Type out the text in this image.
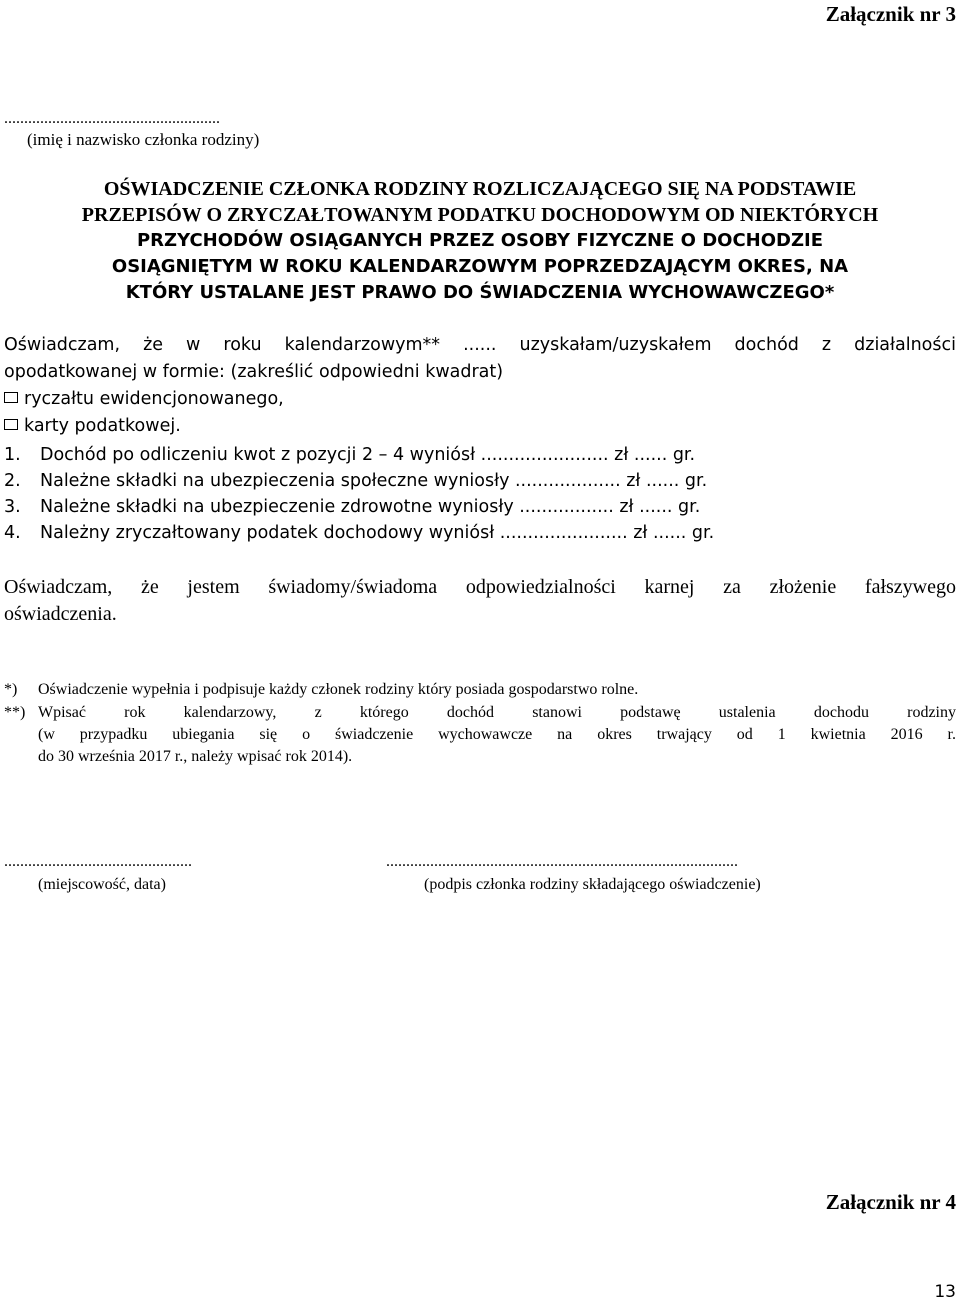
Załącznik nr 3
......................................................
(imię i nazwisko członka rodziny)
OŚWIADCZENIE CZŁONKA RODZINY ROZLICZAJĄCEGO SIĘ NA PODSTAWIE
PRZEPISÓW O ZRYCZAŁTOWANYM PODATKU DOCHODOWYM OD NIEKTÓRYCH
PRZYCHODÓW OSIĄGANYCH PRZEZ OSOBY FIZYCZNE O DOCHODZIE
OSIĄGNIĘTYM W ROKU KALENDARZOWYM POPRZEDZAJĄCYM OKRES, NA
KTÓRY USTALANE JEST PRAWO DO ŚWIADCZENIA WYCHOWAWCZEGO*
Oświadczam, że w roku kalendarzowym** ...... uzyskałam/uzyskałem dochód z działalności
opodatkowanej w formie: (zakreślić odpowiedni kwadrat)
ryczałtu ewidencjonowanego,
karty podatkowej.
1. Dochód po odliczeniu kwot z pozycji 2 – 4 wyniósł ....................... zł ...... gr.
2. Należne składki na ubezpieczenia społeczne wyniosły ................... zł ...... gr.
3. Należne składki na ubezpieczenie zdrowotne wyniosły ................. zł ...... gr.
4. Należny zryczałtowany podatek dochodowy wyniósł ....................... zł ...... gr.
Oświadczam, że jestem świadomy/świadoma odpowiedzialności karnej za złożenie fałszywego
oświadczenia.
*) Oświadczenie wypełnia i podpisuje każdy członek rodziny który posiada gospodarstwo rolne.
**) Wpisać rok kalendarzowy, z którego dochód stanowi podstawę ustalenia dochodu rodziny
(w przypadku ubiegania się o świadczenie wychowawcze na okres trwający od 1 kwietnia 2016 r.
do 30 września 2017 r., należy wpisać rok 2014).
...............................................
(miejscowość, data)
........................................................................................
(podpis członka rodziny składającego oświadczenie)
Załącznik nr 4
13
